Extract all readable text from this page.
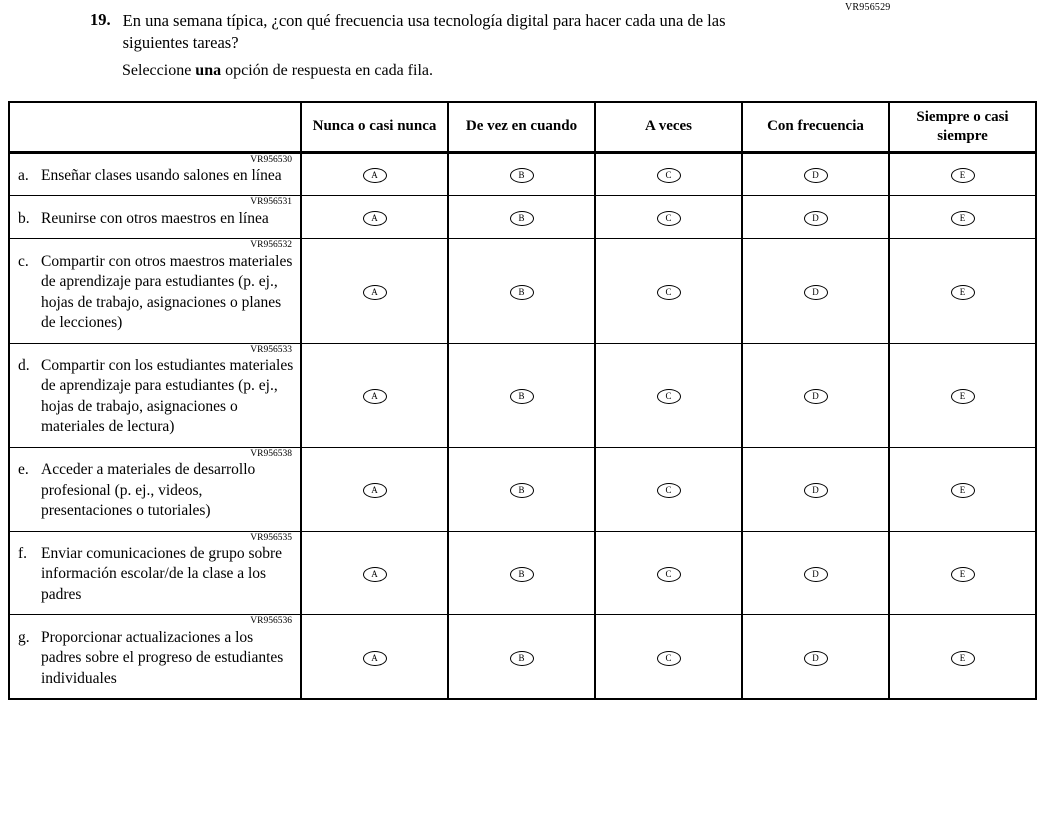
VR956529
19. En una semana típica, ¿con qué frecuencia usa tecnología digital para hacer cada una de las siguientes tareas?
Seleccione una opción de respuesta en cada fila.
	Nunca o casi nunca	De vez en cuando	A veces	Con frecuencia	Siempre o casi siempre

VR956530
a. Enseñar clases usando salones en línea	A	B	C	D	E

VR956531
b. Reunirse con otros maestros en línea	A	B	C	D	E

VR956532
c. Compartir con otros maestros materiales de aprendizaje para estudiantes (p. ej., hojas de trabajo, asignaciones o planes de lecciones)	A	B	C	D	E

VR956533
d. Compartir con los estudiantes materiales de aprendizaje para estudiantes (p. ej., hojas de trabajo, asignaciones o materiales de lectura)	A	B	C	D	E

VR956538
e. Acceder a materiales de desarrollo profesional (p. ej., videos, presentaciones o tutoriales)	A	B	C	D	E

VR956535
f. Enviar comunicaciones de grupo sobre información escolar/de la clase a los padres	A	B	C	D	E

VR956536
g. Proporcionar actualizaciones a los padres sobre el progreso de estudiantes individuales	A	B	C	D	E
